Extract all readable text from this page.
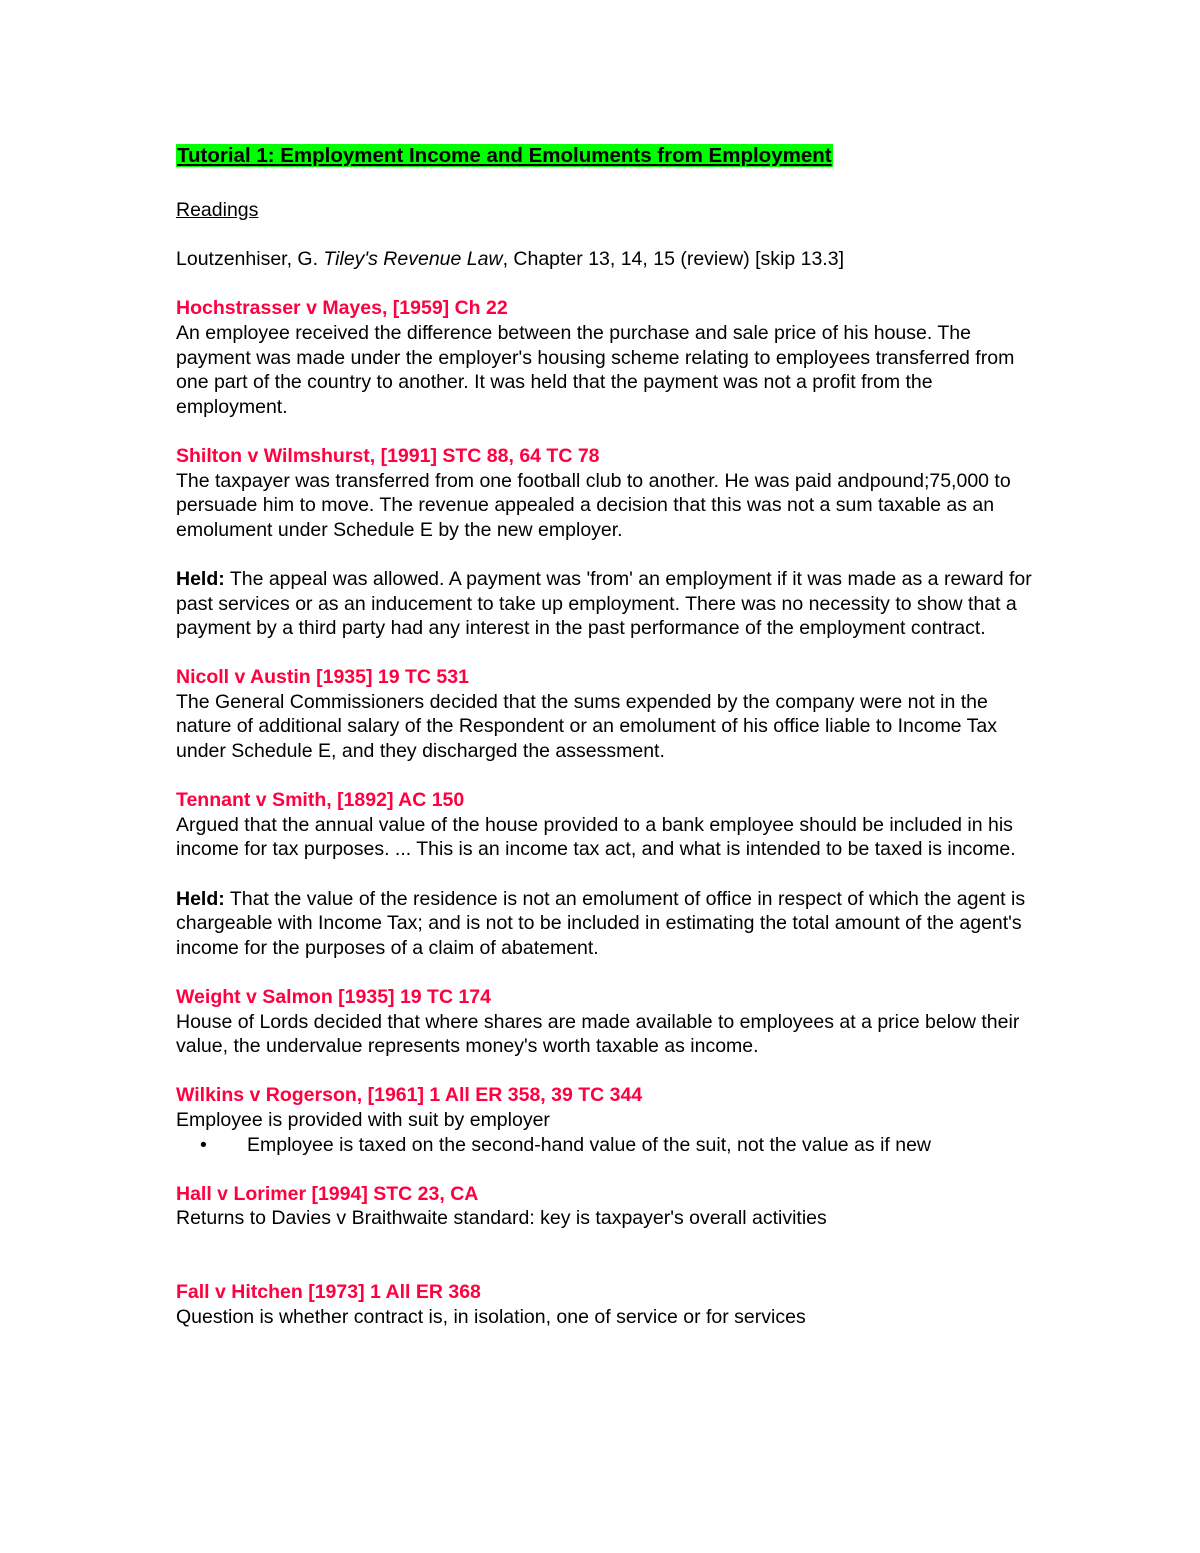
Tutorial 1: Employment Income and Emoluments from Employment

Readings

Loutzenhiser, G. Tiley's Revenue Law, Chapter 13, 14, 15 (review) [skip 13.3]

Hochstrasser v Mayes, [1959] Ch 22

An employee received the difference between the purchase and sale price of his house. The payment was made under the employer's housing scheme relating to employees transferred from one part of the country to another. It was held that the payment was not a profit from the employment.

Shilton v Wilmshurst, [1991] STC 88, 64 TC 78

The taxpayer was transferred from one football club to another. He was paid andpound;75,000 to persuade him to move. The revenue appealed a decision that this was not a sum taxable as an emolument under Schedule E by the new employer.

Held: The appeal was allowed. A payment was 'from' an employment if it was made as a reward for past services or as an inducement to take up employment. There was no necessity to show that a payment by a third party had any interest in the past performance of the employment contract.

Nicoll v Austin [1935] 19 TC 531

The General Commissioners decided that the sums expended by the company were not in the nature of additional salary of the Respondent or an emolument of his office liable to Income Tax under Schedule E, and they discharged the assessment.

Tennant v Smith, [1892] AC 150

Argued that the annual value of the house provided to a bank employee should be included in his income for tax purposes. ... This is an income tax act, and what is intended to be taxed is income.

Held: That the value of the residence is not an emolument of office in respect of which the agent is chargeable with Income Tax; and is not to be included in estimating the total amount of the agent's income for the purposes of a claim of abatement.

Weight v Salmon [1935] 19 TC 174

House of Lords decided that where shares are made available to employees at a price below their value, the undervalue represents money's worth taxable as income.

Wilkins v Rogerson, [1961] 1 All ER 358, 39 TC 344

Employee is provided with suit by employer

• Employee is taxed on the second-hand value of the suit, not the value as if new

Hall v Lorimer [1994] STC 23, CA

Returns to Davies v Braithwaite standard: key is taxpayer's overall activities

Fall v Hitchen [1973] 1 All ER 368

Question is whether contract is, in isolation, one of service or for services
